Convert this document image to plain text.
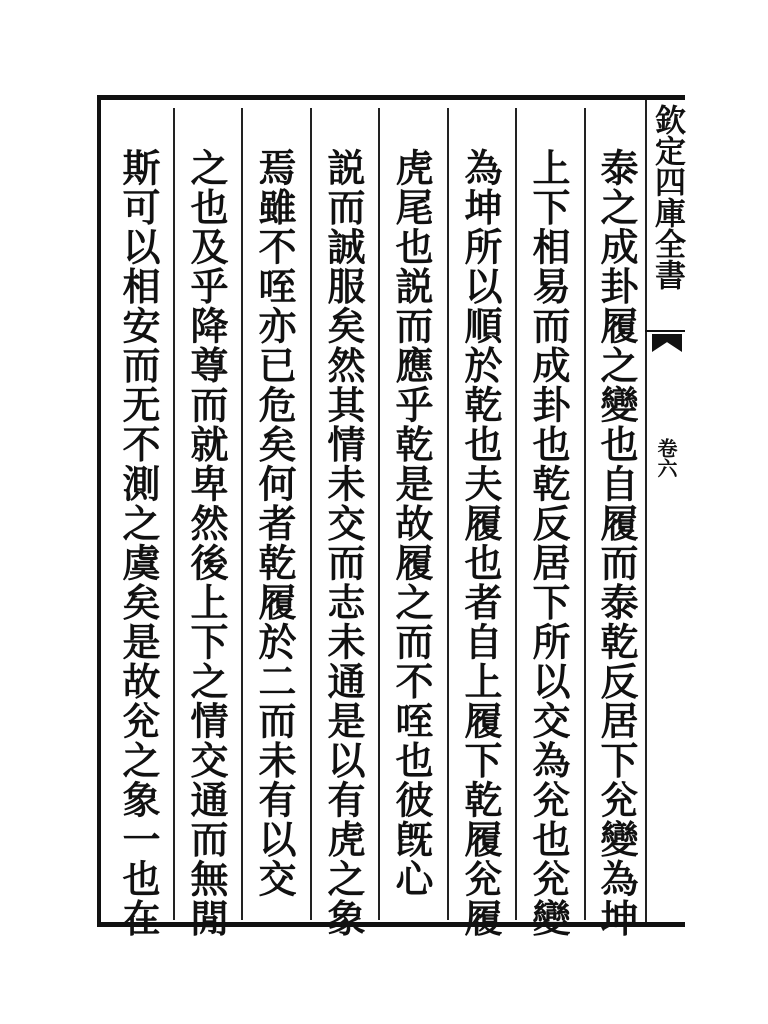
泰之成卦履之變也自履而泰乾反居下兊變為坤
上下相易而成卦也乾反居下所以交為兊也兊變
為坤所以順於乾也夫履也者自上履下乾履兊履
虎尾也説而應乎乾是故履之而不咥也彼旣心
説而誠服矣然其情未交而志未通是以有虎之象
焉雖不咥亦已危矣何者乾履於二而未有以交
之也及乎降尊而就卑然後上下之情交通而無閒
斯可以相安而无不測之虞矣是故兊之象一也在	欽定四庫全書
卷六
